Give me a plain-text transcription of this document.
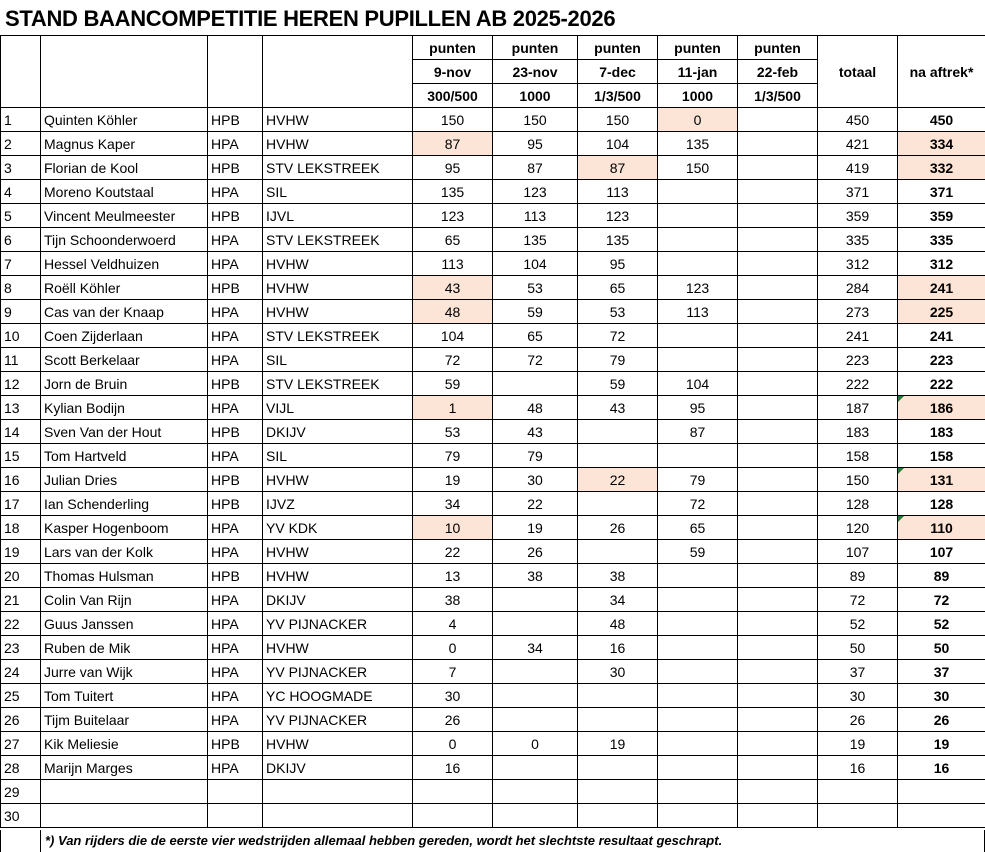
STAND BAANCOMPETITIE HEREN PUPILLEN AB 2025-2026
				punten	punten	punten	punten	punten		
				9-nov	23-nov	7-dec	11-jan	22-feb	totaal	na aftrek*
				300/500	1000	1/3/500	1000	1/3/500		
1	Quinten Köhler	HPB	HVHW	150	150	150	0		450	450
2	Magnus Kaper	HPA	HVHW	87	95	104	135		421	334
3	Florian de Kool	HPB	STV LEKSTREEK	95	87	87	150		419	332
4	Moreno Koutstaal	HPA	SIL	135	123	113			371	371
5	Vincent Meulmeester	HPB	IJVL	123	113	123			359	359
6	Tijn Schoonderwoerd	HPA	STV LEKSTREEK	65	135	135			335	335
7	Hessel Veldhuizen	HPA	HVHW	113	104	95			312	312
8	Roëll Köhler	HPB	HVHW	43	53	65	123		284	241
9	Cas van der Knaap	HPA	HVHW	48	59	53	113		273	225
10	Coen Zijderlaan	HPA	STV LEKSTREEK	104	65	72			241	241
11	Scott Berkelaar	HPA	SIL	72	72	79			223	223
12	Jorn de Bruin	HPB	STV LEKSTREEK	59		59	104		222	222
13	Kylian Bodijn	HPA	VIJL	1	48	43	95		187	186
14	Sven Van der Hout	HPB	DKIJV	53	43		87		183	183
15	Tom Hartveld	HPA	SIL	79	79				158	158
16	Julian Dries	HPB	HVHW	19	30	22	79		150	131
17	Ian Schenderling	HPB	IJVZ	34	22		72		128	128
18	Kasper Hogenboom	HPA	YV KDK	10	19	26	65		120	110
19	Lars van der Kolk	HPA	HVHW	22	26		59		107	107
20	Thomas Hulsman	HPB	HVHW	13	38	38			89	89
21	Colin Van Rijn	HPA	DKIJV	38		34			72	72
22	Guus Janssen	HPA	YV PIJNACKER	4		48			52	52
23	Ruben de Mik	HPA	HVHW	0	34	16			50	50
24	Jurre van Wijk	HPA	YV PIJNACKER	7		30			37	37
25	Tom Tuitert	HPA	YC HOOGMADE	30					30	30
26	Tijm Buitelaar	HPA	YV PIJNACKER	26					26	26
27	Kik Meliesie	HPB	HVHW	0	0	19			19	19
28	Marijn Marges	HPA	DKIJV	16					16	16
29										
30										
*) Van rijders die de eerste vier wedstrijden allemaal hebben gereden, wordt het slechtste resultaat geschrapt.
